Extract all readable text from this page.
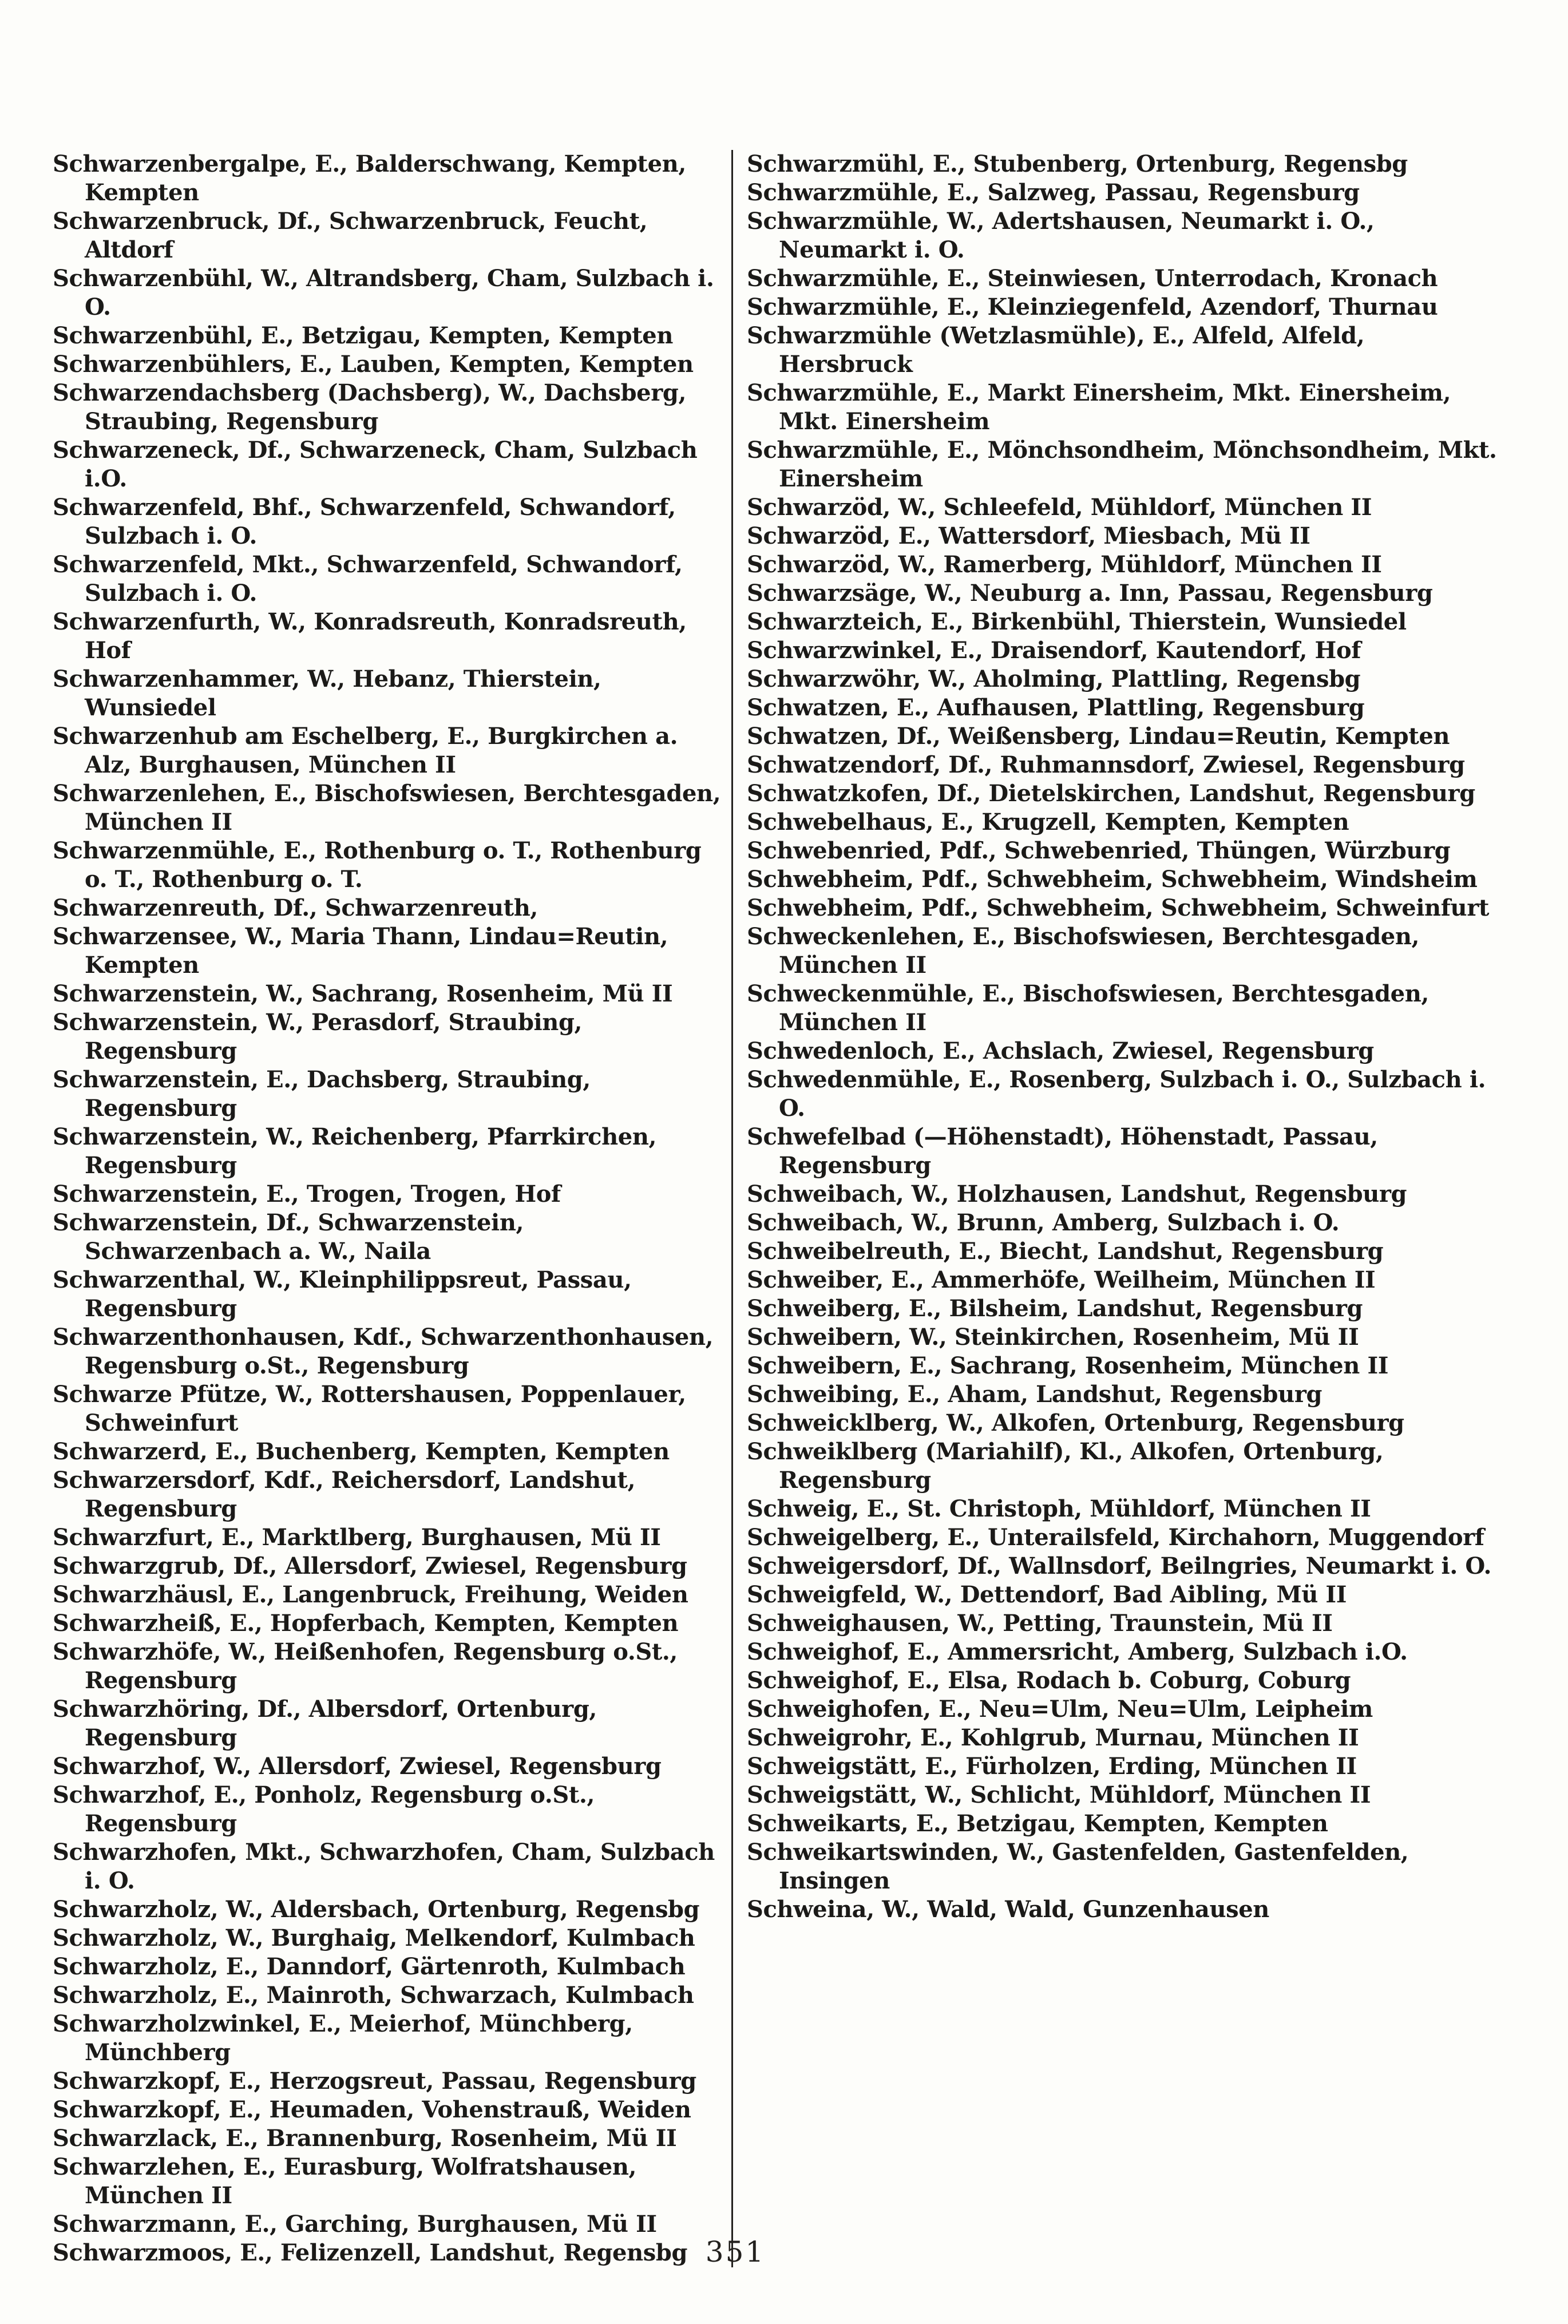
Schwarzenbergalpe, E., Balderschwang, Kempten, Kempten
Schwarzenbruck, Df., Schwarzenbruck, Feucht, Altdorf
Schwarzenbühl, W., Altrandsberg, Cham, Sulzbach i. O.
Schwarzenbühl, E., Betzigau, Kempten, Kempten
Schwarzenbühlers, E., Lauben, Kempten, Kempten
Schwarzendachsberg (Dachsberg), W., Dachsberg, Straubing, Regensburg
Schwarzeneck, Df., Schwarzeneck, Cham, Sulzbach i.O.
Schwarzenfeld, Bhf., Schwarzenfeld, Schwandorf, Sulzbach i. O.
Schwarzenfeld, Mkt., Schwarzenfeld, Schwandorf, Sulzbach i. O.
Schwarzenfurth, W., Konradsreuth, Konradsreuth, Hof
Schwarzenhammer, W., Hebanz, Thierstein, Wunsiedel
Schwarzenhub am Eschelberg, E., Burgkirchen a. Alz, Burghausen, München II
Schwarzenlehen, E., Bischofswiesen, Berchtesgaden, München II
Schwarzenmühle, E., Rothenburg o. T., Rothenburg o. T., Rothenburg o. T.
Schwarzenreuth, Df., Schwarzenreuth,
Schwarzensee, W., Maria Thann, Lindau=Reutin, Kempten
Schwarzenstein, W., Sachrang, Rosenheim, Mü II
Schwarzenstein, W., Perasdorf, Straubing, Regensburg
Schwarzenstein, E., Dachsberg, Straubing, Regensburg
Schwarzenstein, W., Reichenberg, Pfarrkirchen, Regensburg
Schwarzenstein, E., Trogen, Trogen, Hof
Schwarzenstein, Df., Schwarzenstein, Schwarzenbach a. W., Naila
Schwarzenthal, W., Kleinphilippsreut, Passau, Regensburg
Schwarzenthonhausen, Kdf., Schwarzenthonhausen, Regensburg o.St., Regensburg
Schwarze Pfütze, W., Rottershausen, Poppenlauer, Schweinfurt
Schwarzerd, E., Buchenberg, Kempten, Kempten
Schwarzersdorf, Kdf., Reichersdorf, Landshut, Regensburg
Schwarzfurt, E., Marktlberg, Burghausen, Mü II
Schwarzgrub, Df., Allersdorf, Zwiesel, Regensburg
Schwarzhäusl, E., Langenbruck, Freihung, Weiden
Schwarzheiß, E., Hopferbach, Kempten, Kempten
Schwarzhöfe, W., Heißenhofen, Regensburg o.St., Regensburg
Schwarzhöring, Df., Albersdorf, Ortenburg, Regensburg
Schwarzhof, W., Allersdorf, Zwiesel, Regensburg
Schwarzhof, E., Ponholz, Regensburg o.St., Regensburg
Schwarzhofen, Mkt., Schwarzhofen, Cham, Sulzbach i. O.
Schwarzholz, W., Aldersbach, Ortenburg, Regensbg
Schwarzholz, W., Burghaig, Melkendorf, Kulmbach
Schwarzholz, E., Danndorf, Gärtenroth, Kulmbach
Schwarzholz, E., Mainroth, Schwarzach, Kulmbach
Schwarzholzwinkel, E., Meierhof, Münchberg, Münchberg
Schwarzkopf, E., Herzogsreut, Passau, Regensburg
Schwarzkopf, E., Heumaden, Vohenstrauß, Weiden
Schwarzlack, E., Brannenburg, Rosenheim, Mü II
Schwarzlehen, E., Eurasburg, Wolfratshausen, München II
Schwarzmann, E., Garching, Burghausen, Mü II
Schwarzmoos, E., Felizenzell, Landshut, Regensbg
Schwarzmühl, E., Stubenberg, Ortenburg, Regensbg
Schwarzmühle, E., Salzweg, Passau, Regensburg
Schwarzmühle, W., Adertshausen, Neumarkt i. O., Neumarkt i. O.
Schwarzmühle, E., Steinwiesen, Unterrodach, Kronach
Schwarzmühle, E., Kleinziegenfeld, Azendorf, Thurnau
Schwarzmühle (Wetzlasmühle), E., Alfeld, Alfeld, Hersbruck
Schwarzmühle, E., Markt Einersheim, Mkt. Einersheim, Mkt. Einersheim
Schwarzmühle, E., Mönchsondheim, Mönchsondheim, Mkt. Einersheim
Schwarzöd, W., Schleefeld, Mühldorf, München II
Schwarzöd, E., Wattersdorf, Miesbach, Mü II
Schwarzöd, W., Ramerberg, Mühldorf, München II
Schwarzsäge, W., Neuburg a. Inn, Passau, Regensburg
Schwarzteich, E., Birkenbühl, Thierstein, Wunsiedel
Schwarzwinkel, E., Draisendorf, Kautendorf, Hof
Schwarzwöhr, W., Aholming, Plattling, Regensbg
Schwatzen, E., Aufhausen, Plattling, Regensburg
Schwatzen, Df., Weißensberg, Lindau=Reutin, Kempten
Schwatzendorf, Df., Ruhmannsdorf, Zwiesel, Regensburg
Schwatzkofen, Df., Dietelskirchen, Landshut, Regensburg
Schwebelhaus, E., Krugzell, Kempten, Kempten
Schwebenried, Pdf., Schwebenried, Thüngen, Würzburg
Schwebheim, Pdf., Schwebheim, Schwebheim, Windsheim
Schwebheim, Pdf., Schwebheim, Schwebheim, Schweinfurt
Schweckenlehen, E., Bischofswiesen, Berchtesgaden, München II
Schweckenmühle, E., Bischofswiesen, Berchtesgaden, München II
Schwedenloch, E., Achslach, Zwiesel, Regensburg
Schwedenmühle, E., Rosenberg, Sulzbach i. O., Sulzbach i. O.
Schwefelbad (—Höhenstadt), Höhenstadt, Passau, Regensburg
Schweibach, W., Holzhausen, Landshut, Regensburg
Schweibach, W., Brunn, Amberg, Sulzbach i. O.
Schweibelreuth, E., Biecht, Landshut, Regensburg
Schweiber, E., Ammerhöfe, Weilheim, München II
Schweiberg, E., Bilsheim, Landshut, Regensburg
Schweibern, W., Steinkirchen, Rosenheim, Mü II
Schweibern, E., Sachrang, Rosenheim, München II
Schweibing, E., Aham, Landshut, Regensburg
Schweicklberg, W., Alkofen, Ortenburg, Regensburg
Schweiklberg (Mariahilf), Kl., Alkofen, Ortenburg, Regensburg
Schweig, E., St. Christoph, Mühldorf, München II
Schweigelberg, E., Unterailsfeld, Kirchahorn, Muggendorf
Schweigersdorf, Df., Wallnsdorf, Beilngries, Neumarkt i. O.
Schweigfeld, W., Dettendorf, Bad Aibling, Mü II
Schweighausen, W., Petting, Traunstein, Mü II
Schweighof, E., Ammersricht, Amberg, Sulzbach i.O.
Schweighof, E., Elsa, Rodach b. Coburg, Coburg
Schweighofen, E., Neu=Ulm, Neu=Ulm, Leipheim
Schweigrohr, E., Kohlgrub, Murnau, München II
Schweigstätt, E., Fürholzen, Erding, München II
Schweigstätt, W., Schlicht, Mühldorf, München II
Schweikarts, E., Betzigau, Kempten, Kempten
Schweikartswinden, W., Gastenfelden, Gastenfelden, Insingen
Schweina, W., Wald, Wald, Gunzenhausen
351
